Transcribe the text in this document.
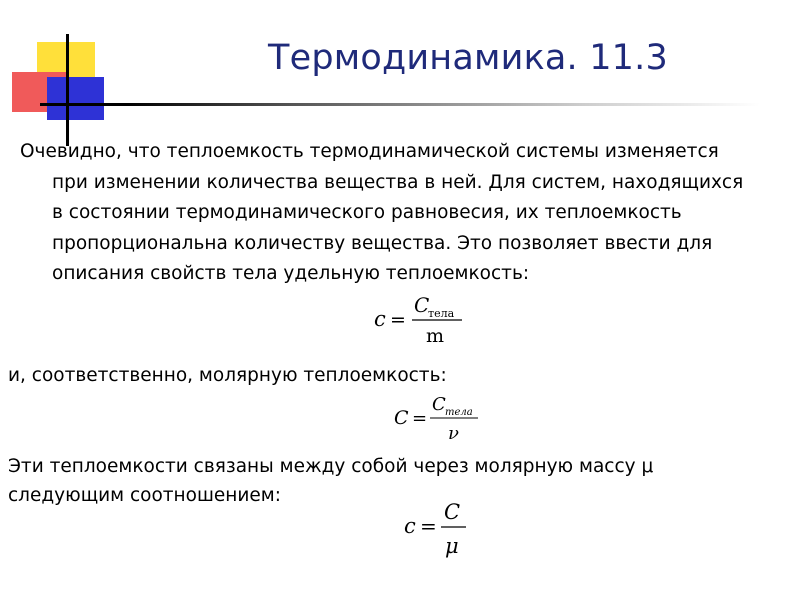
Термодинамика. 11.3
Очевидно, что теплоемкость термодинамической системы изменяется
при изменении количества вещества в ней. Для систем, находящихся
в состоянии термодинамического равновесия, их теплоемкость
пропорциональна количеству вещества. Это позволяет ввести для
описания свойств тела удельную теплоемкость:
c =
C
тела
m
и, соответственно, молярную теплоемкость:
C =
C тела
ν
Эти теплоемкости связаны между собой через молярную массу μ
следующим соотношением:
c =
C
μ
